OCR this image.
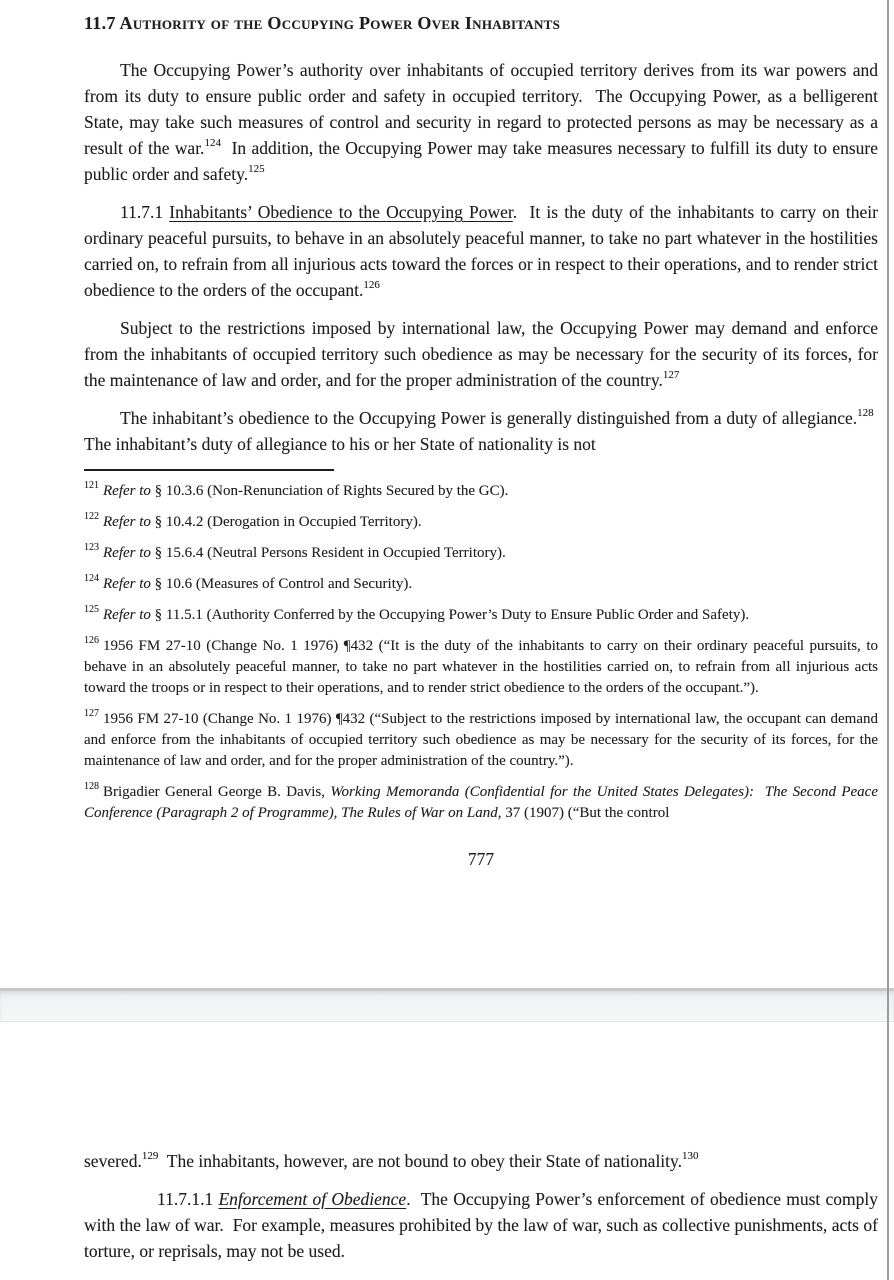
11.7 Authority of the Occupying Power Over Inhabitants

The Occupying Power’s authority over inhabitants of occupied territory derives from its war powers and from its duty to ensure public order and safety in occupied territory.  The Occupying Power, as a belligerent State, may take such measures of control and security in regard to protected persons as may be necessary as a result of the war.$^{124}$  In addition, the Occupying Power may take measures necessary to fulfill its duty to ensure public order and safety.$^{125}$

11.7.1 Inhabitants’ Obedience to the Occupying Power.  It is the duty of the inhabitants to carry on their ordinary peaceful pursuits, to behave in an absolutely peaceful manner, to take no part whatever in the hostilities carried on, to refrain from all injurious acts toward the forces or in respect to their operations, and to render strict obedience to the orders of the occupant.$^{126}$

Subject to the restrictions imposed by international law, the Occupying Power may demand and enforce from the inhabitants of occupied territory such obedience as may be necessary for the security of its forces, for the maintenance of law and order, and for the proper administration of the country.$^{127}$

The inhabitant’s obedience to the Occupying Power is generally distinguished from a duty of allegiance.$^{128}$  The inhabitant’s duty of allegiance to his or her State of nationality is not

$^{121}$ Refer to § 10.3.6 (Non-Renunciation of Rights Secured by the GC).

$^{122}$ Refer to § 10.4.2 (Derogation in Occupied Territory).

$^{123}$ Refer to § 15.6.4 (Neutral Persons Resident in Occupied Territory).

$^{124}$ Refer to § 10.6 (Measures of Control and Security).

$^{125}$ Refer to § 11.5.1 (Authority Conferred by the Occupying Power’s Duty to Ensure Public Order and Safety).

$^{126}$ 1956 FM 27-10 (Change No. 1 1976) ¶432 (“It is the duty of the inhabitants to carry on their ordinary peaceful pursuits, to behave in an absolutely peaceful manner, to take no part whatever in the hostilities carried on, to refrain from all injurious acts toward the troops or in respect to their operations, and to render strict obedience to the orders of the occupant.”).

$^{127}$ 1956 FM 27-10 (Change No. 1 1976) ¶432 (“Subject to the restrictions imposed by international law, the occupant can demand and enforce from the inhabitants of occupied territory such obedience as may be necessary for the security of its forces, for the maintenance of law and order, and for the proper administration of the country.”).

$^{128}$ Brigadier General George B. Davis, Working Memoranda (Confidential for the United States Delegates):  The Second Peace Conference (Paragraph 2 of Programme), The Rules of War on Land, 37 (1907) (“But the control

777

severed.$^{129}$  The inhabitants, however, are not bound to obey their State of nationality.$^{130}$

11.7.1.1 Enforcement of Obedience.  The Occupying Power’s enforcement of obedience must comply with the law of war.  For example, measures prohibited by the law of war, such as collective punishments, acts of torture, or reprisals, may not be used.
